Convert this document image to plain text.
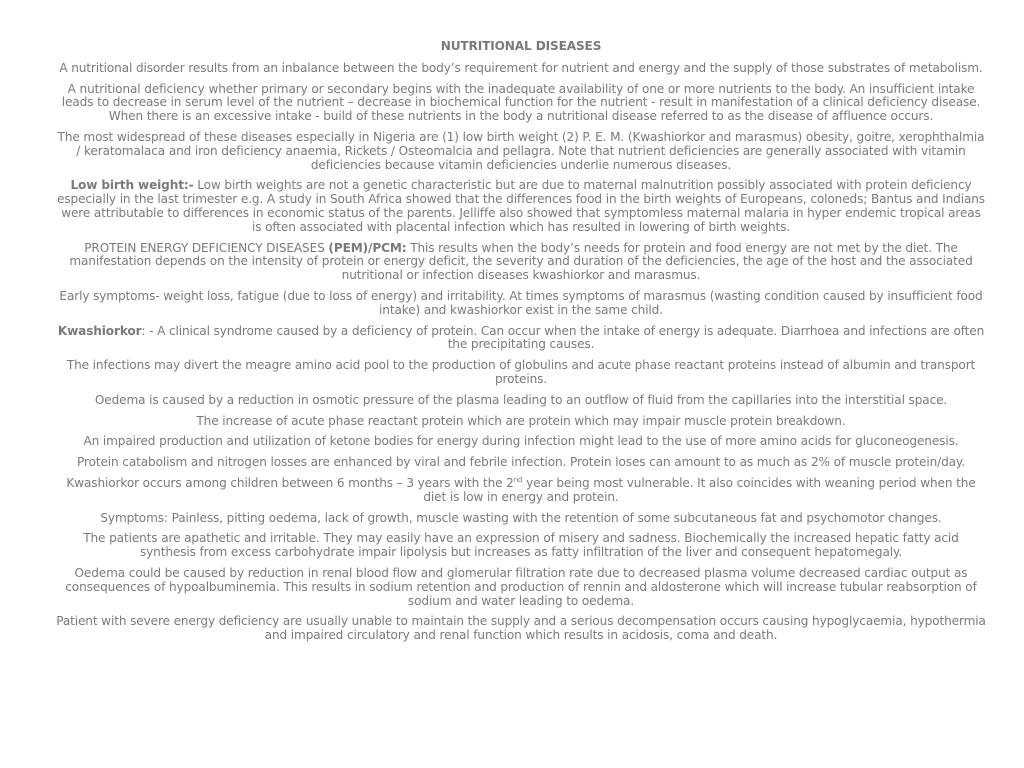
NUTRITIONAL DISEASES

A nutritional disorder results from an inbalance between the body’s requirement for nutrient and energy and the supply of those substrates of metabolism.

A nutritional deficiency whether primary or secondary begins with the inadequate availability of one or more nutrients to the body. An insufficient intake leads to decrease in serum level of the nutrient – decrease in biochemical function for the nutrient - result in manifestation of a clinical deficiency disease. When there is an excessive intake - build of these nutrients in the body a nutritional disease referred to as the disease of affluence occurs.

The most widespread of these diseases especially in Nigeria are (1) low birth weight (2) P. E. M. (Kwashiorkor and marasmus) obesity, goitre, xerophthalmia / keratomalaca and iron deficiency anaemia, Rickets / Osteomalcia and pellagra. Note that nutrient deficiencies are generally associated with vitamin deficiencies because vitamin deficiencies underlie numerous diseases.

Low birth weight:- Low birth weights are not a genetic characteristic but are due to maternal malnutrition possibly associated with protein deficiency especially in the last trimester e.g. A study in South Africa showed that the differences food in the birth weights of Europeans, coloneds; Bantus and Indians were attributable to differences in economic status of the parents. Jelliffe also showed that symptomless maternal malaria in hyper endemic tropical areas is often associated with placental infection which has resulted in lowering of birth weights.

PROTEIN ENERGY DEFICIENCY DISEASES (PEM)/PCM: This results when the body’s needs for protein and food energy are not met by the diet. The manifestation depends on the intensity of protein or energy deficit, the severity and duration of the deficiencies, the age of the host and the associated nutritional or infection diseases kwashiorkor and marasmus.

Early symptoms- weight loss, fatigue (due to loss of energy) and irritability. At times symptoms of marasmus (wasting condition caused by insufficient food intake) and kwashiorkor exist in the same child.

Kwashiorkor: - A clinical syndrome caused by a deficiency of protein. Can occur when the intake of energy is adequate. Diarrhoea and infections are often the precipitating causes.

The infections may divert the meagre amino acid pool to the production of globulins and acute phase reactant proteins instead of albumin and transport proteins.

Oedema is caused by a reduction in osmotic pressure of the plasma leading to an outflow of fluid from the capillaries into the interstitial space.

The increase of acute phase reactant protein which are protein which may impair muscle protein breakdown.

An impaired production and utilization of ketone bodies for energy during infection might lead to the use of more amino acids for gluconeogenesis.

Protein catabolism and nitrogen losses are enhanced by viral and febrile infection. Protein loses can amount to as much as 2% of muscle protein/day.

Kwashiorkor occurs among children between 6 months – 3 years with the 2nd year being most vulnerable. It also coincides with weaning period when the diet is low in energy and protein.

Symptoms: Painless, pitting oedema, lack of growth, muscle wasting with the retention of some subcutaneous fat and psychomotor changes.

The patients are apathetic and irritable. They may easily have an expression of misery and sadness. Biochemically the increased hepatic fatty acid synthesis from excess carbohydrate impair lipolysis but increases as fatty infiltration of the liver and consequent hepatomegaly.

Oedema could be caused by reduction in renal blood flow and glomerular filtration rate due to decreased plasma volume decreased cardiac output as consequences of hypoalbuminemia. This results in sodium retention and production of rennin and aldosterone which will increase tubular reabsorption of sodium and water leading to oedema.

Patient with severe energy deficiency are usually unable to maintain the supply and a serious decompensation occurs causing hypoglycaemia, hypothermia and impaired circulatory and renal function which results in acidosis, coma and death.
